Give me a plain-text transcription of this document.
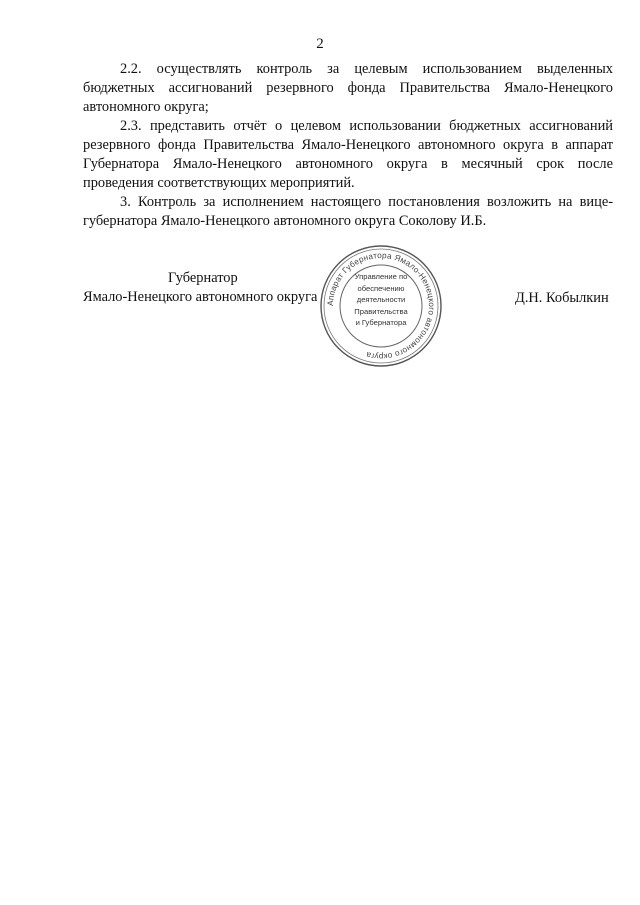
2

2.2. осуществлять контроль за целевым использованием выделенных бюджетных ассигнований резервного фонда Правительства Ямало-Ненецкого автономного округа;

2.3. представить отчёт о целевом использовании бюджетных ассигнований резервного фонда Правительства Ямало-Ненецкого автономного округа в аппарат Губернатора Ямало-Ненецкого автономного округа в месячный срок после проведения соответствующих мероприятий.

3. Контроль за исполнением настоящего постановления возложить на вице-губернатора Ямало-Ненецкого автономного округа Соколову И.Б.

Губернатор
Ямало-Ненецкого автономного округа Аппарат Губернатора Ямало-Ненецкого автономного округа
Управление по
обеспечению
деятельности
Правительства
и Губернатора
Д.Н. Кобылкин
